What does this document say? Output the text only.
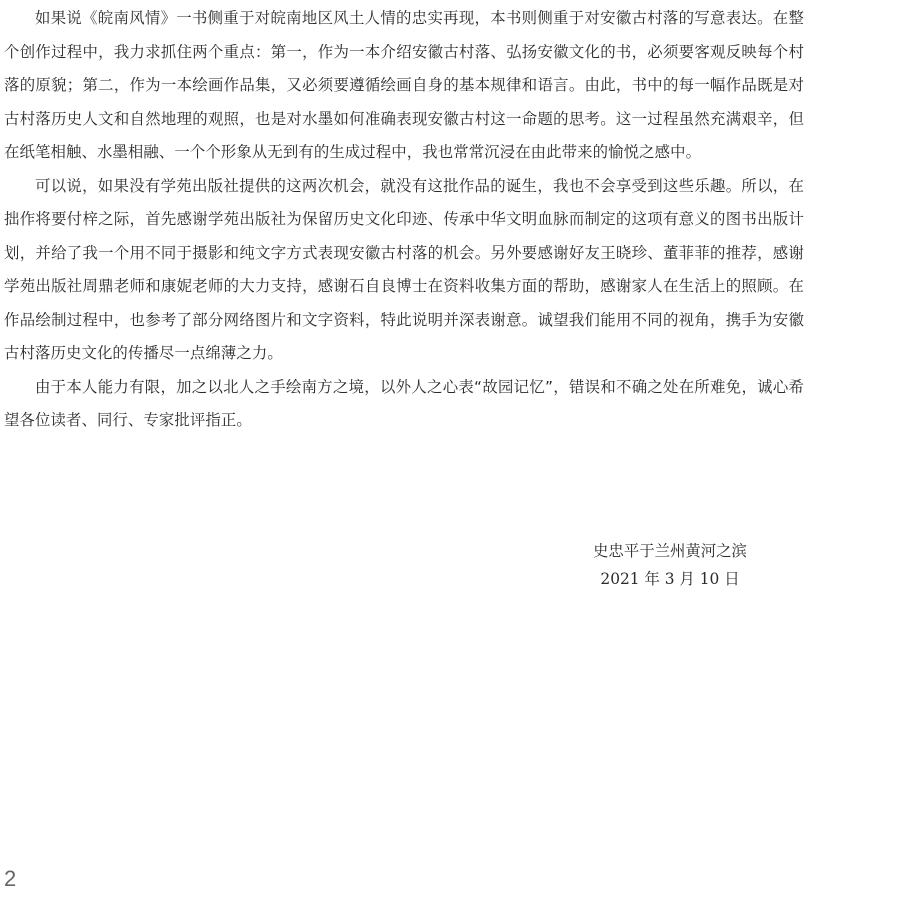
如果说《皖南风情》一书侧重于对皖南地区风土人情的忠实再现，本书则侧重于对安徽古村落的写意表达。在整个创作过程中，我力求抓住两个重点：第一，作为一本介绍安徽古村落、弘扬安徽文化的书，必须要客观反映每个村落的原貌；第二，作为一本绘画作品集，又必须要遵循绘画自身的基本规律和语言。由此，书中的每一幅作品既是对古村落历史人文和自然地理的观照，也是对水墨如何准确表现安徽古村这一命题的思考。这一过程虽然充满艰辛，但在纸笔相触、水墨相融、一个个形象从无到有的生成过程中，我也常常沉浸在由此带来的愉悦之感中。

可以说，如果没有学苑出版社提供的这两次机会，就没有这批作品的诞生，我也不会享受到这些乐趣。所以，在拙作将要付梓之际，首先感谢学苑出版社为保留历史文化印迹、传承中华文明血脉而制定的这项有意义的图书出版计划，并给了我一个用不同于摄影和纯文字方式表现安徽古村落的机会。另外要感谢好友王晓珍、董菲菲的推荐，感谢学苑出版社周鼎老师和康妮老师的大力支持，感谢石自良博士在资料收集方面的帮助，感谢家人在生活上的照顾。在作品绘制过程中，也参考了部分网络图片和文字资料，特此说明并深表谢意。诚望我们能用不同的视角，携手为安徽古村落历史文化的传播尽一点绵薄之力。

由于本人能力有限，加之以北人之手绘南方之境，以外人之心表“故园记忆”，错误和不确之处在所难免，诚心希望各位读者、同行、专家批评指正。

史忠平于兰州黄河之滨
2021 年 3 月 10 日
2
